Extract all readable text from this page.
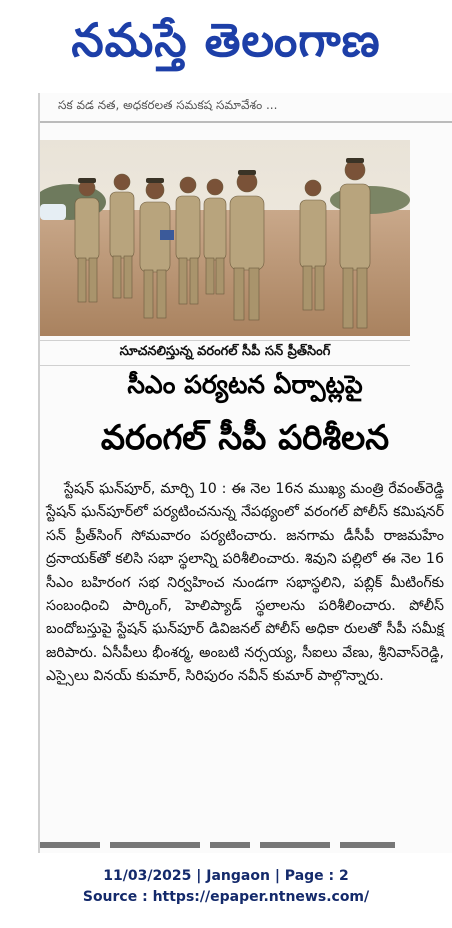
నమస్తే తెలంగాణ
సక వడ నత, అధకరలత సమకష సమావేశం ...
సూచనలిస్తున్న వరంగల్ సీపీ సన్ ప్రీత్‌సింగ్
సీఎం పర్యటన ఏర్పాట్లపై
వరంగల్ సీపీ పరిశీలన
స్టేషన్ ఘన్‌పూర్, మార్చి 10 : ఈ నెల 16న ముఖ్య మంత్రి రేవంత్‌రెడ్డి స్టేషన్ ఘన్‌పూర్‌లో పర్యటించనున్న నేపథ్యంలో వరంగల్ పోలీస్ కమిషనర్ సన్ ప్రీత్‌సింగ్ సోమవారం పర్యటించారు. జనగామ డీసీపీ రాజమహేం ద్రనాయక్‌తో కలిసి సభా స్థలాన్ని పరిశీలించారు. శివుని పల్లిలో ఈ నెల 16 సీఎం బహిరంగ సభ నిర్వహించ నుండగా సభాస్థలిని, పబ్లిక్ మీటింగ్‌కు సంబంధించి పార్కింగ్, హెలిప్యాడ్ స్థలాలను పరిశీలించారు. పోలీస్ బందోబస్తుపై స్టేషన్ ఘన్‌పూర్ డివిజనల్ పోలీస్ అధికా రులతో సీపీ సమీక్ష జరిపారు. ఏసీపీలు భీంశర్మ, అంబటి నర్సయ్య, సీఐలు వేణు, శ్రీనివాస్‌రెడ్డి, ఎస్సైలు వినయ్ కుమార్, సిరిపురం నవీన్ కుమార్ పాల్గొన్నారు.
11/03/2025 | Jangaon | Page : 2
Source : https://epaper.ntnews.com/
